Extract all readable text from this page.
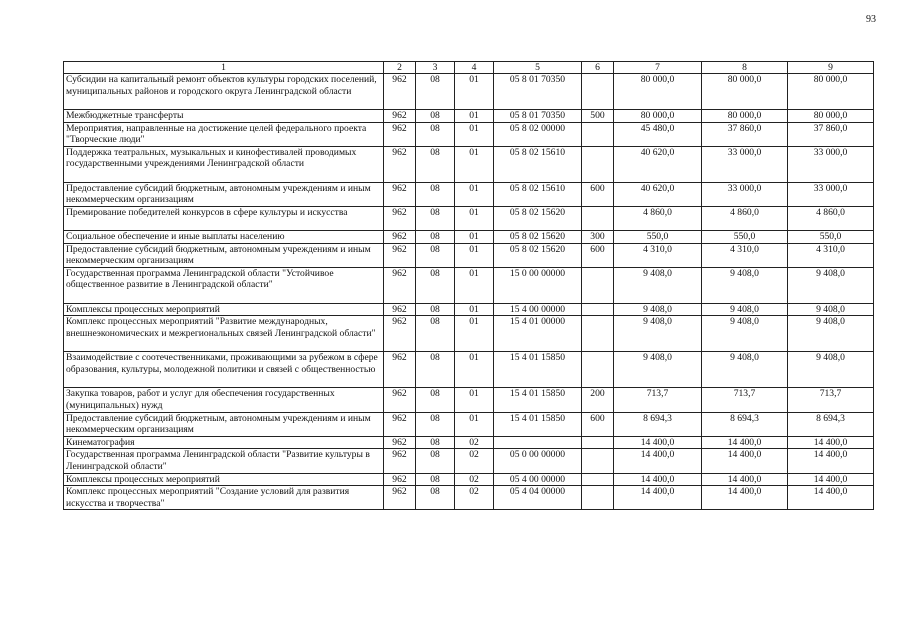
93
1	2	3	4	5	6	7	8	9
Субсидии на капитальный ремонт объектов культуры городских поселений, муниципальных районов и городского округа Ленинградской области	962	08	01	05 8 01 70350		80 000,0	80 000,0	80 000,0
Межбюджетные трансферты	962	08	01	05 8 01 70350	500	80 000,0	80 000,0	80 000,0
Мероприятия, направленные на достижение целей федерального проекта "Творческие люди"	962	08	01	05 8 02 00000		45 480,0	37 860,0	37 860,0
Поддержка театральных, музыкальных и кинофестивалей проводимых государственными учреждениями Ленинградской области	962	08	01	05 8 02 15610		40 620,0	33 000,0	33 000,0
Предоставление субсидий бюджетным, автономным учреждениям и иным некоммерческим организациям	962	08	01	05 8 02 15610	600	40 620,0	33 000,0	33 000,0
Премирование победителей конкурсов в сфере культуры и искусства	962	08	01	05 8 02 15620		4 860,0	4 860,0	4 860,0
Социальное обеспечение и иные выплаты населению	962	08	01	05 8 02 15620	300	550,0	550,0	550,0
Предоставление субсидий бюджетным, автономным учреждениям и иным некоммерческим организациям	962	08	01	05 8 02 15620	600	4 310,0	4 310,0	4 310,0
Государственная программа Ленинградской области "Устойчивое общественное развитие в Ленинградской области"	962	08	01	15 0 00 00000		9 408,0	9 408,0	9 408,0
Комплексы процессных мероприятий	962	08	01	15 4 00 00000		9 408,0	9 408,0	9 408,0
Комплекс процессных мероприятий "Развитие международных, внешнеэкономических и межрегиональных связей Ленинградской области"	962	08	01	15 4 01 00000		9 408,0	9 408,0	9 408,0
Взаимодействие с соотечественниками, проживающими за рубежом в сфере образования, культуры, молодежной политики и связей с общественностью	962	08	01	15 4 01 15850		9 408,0	9 408,0	9 408,0
Закупка товаров, работ и услуг для обеспечения государственных (муниципальных) нужд	962	08	01	15 4 01 15850	200	713,7	713,7	713,7
Предоставление субсидий бюджетным, автономным учреждениям и иным некоммерческим организациям	962	08	01	15 4 01 15850	600	8 694,3	8 694,3	8 694,3
Кинематография	962	08	02			14 400,0	14 400,0	14 400,0
Государственная программа Ленинградской области "Развитие культуры в Ленинградской области"	962	08	02	05 0 00 00000		14 400,0	14 400,0	14 400,0
Комплексы процессных мероприятий	962	08	02	05 4 00 00000		14 400,0	14 400,0	14 400,0
Комплекс процессных мероприятий "Создание условий для развития искусства и творчества"	962	08	02	05 4 04 00000		14 400,0	14 400,0	14 400,0
